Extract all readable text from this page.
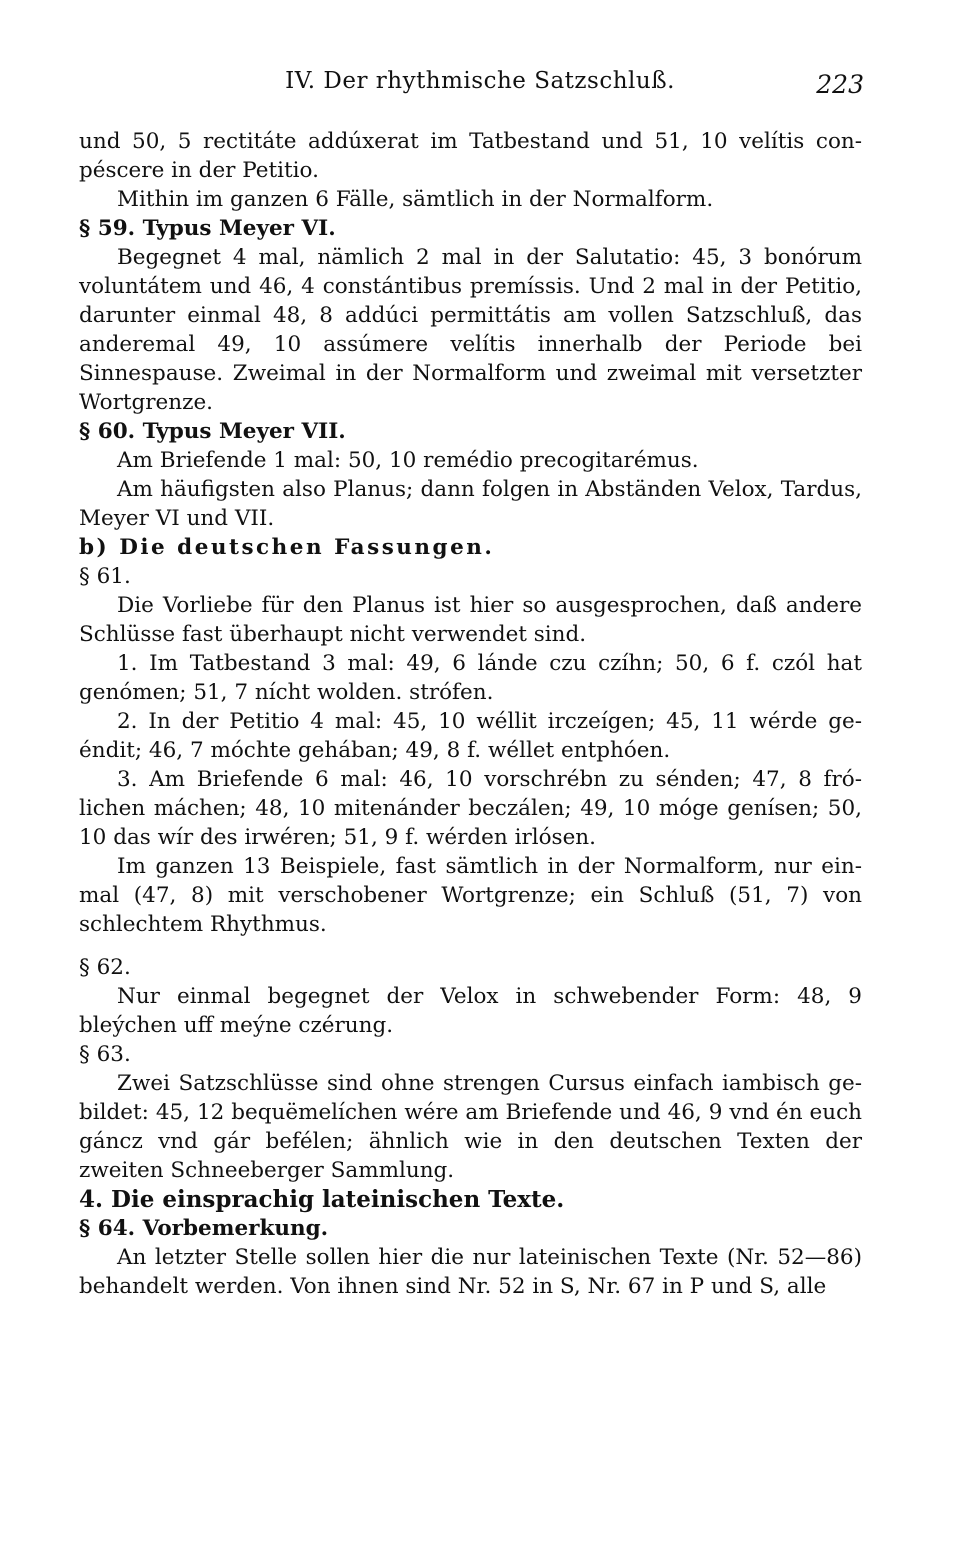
IV. Der rhythmische Satzschluß.	223

und 50, 5 rectitáte addúxerat im Tatbestand und 51, 10 velítis conpéscere in der Petitio.

Mithin im ganzen 6 Fälle, sämtlich in der Normalform.

§ 59. Typus Meyer VI.

Begegnet 4 mal, nämlich 2 mal in der Salutatio: 45, 3 bonórum voluntátem und 46, 4 constántibus premíssis. Und 2 mal in der Petitio, darunter einmal 48, 8 addúci permittátis am vollen Satzschluß, das anderemal 49, 10 assúmere velítis innerhalb der Periode bei Sinnespause. Zweimal in der Normalform und zweimal mit versetzter Wortgrenze.

§ 60. Typus Meyer VII.

Am Briefende 1 mal: 50, 10 remédio precogitarémus.

Am häufigsten also Planus; dann folgen in Abständen Velox, Tardus, Meyer VI und VII.

b) Die deutschen Fassungen.

§ 61.

Die Vorliebe für den Planus ist hier so ausgesprochen, daß andere Schlüsse fast überhaupt nicht verwendet sind.

1. Im Tatbestand 3 mal: 49, 6 lánde czu czíhn; 50, 6 f. czól hat genómen; 51, 7 nícht wolden. strófen.

2. In der Petitio 4 mal: 45, 10 wéllit irczeígen; 45, 11 wérde geéndit; 46, 7 móchte gehában; 49, 8 f. wéllet entphóen.

3. Am Briefende 6 mal: 46, 10 vorschrébn zu sénden; 47, 8 frólichen máchen; 48, 10 mitenánder beczálen; 49, 10 móge genísen; 50, 10 das wír des irwéren; 51, 9 f. wérden irlósen.

Im ganzen 13 Beispiele, fast sämtlich in der Normalform, nur einmal (47, 8) mit verschobener Wortgrenze; ein Schluß (51, 7) von schlechtem Rhythmus.

§ 62.

Nur einmal begegnet der Velox in schwebender Form: 48, 9 bleýchen uff meýne czérung.

§ 63.

Zwei Satzschlüsse sind ohne strengen Cursus einfach iambisch gebildet: 45, 12 bequëmelíchen wére am Briefende und 46, 9 vnd én euch gáncz vnd gár befélen; ähnlich wie in den deutschen Texten der zweiten Schneeberger Sammlung.

4. Die einsprachig lateinischen Texte.

§ 64. Vorbemerkung.

An letzter Stelle sollen hier die nur lateinischen Texte (Nr. 52—86) behandelt werden. Von ihnen sind Nr. 52 in S, Nr. 67 in P und S, alle
